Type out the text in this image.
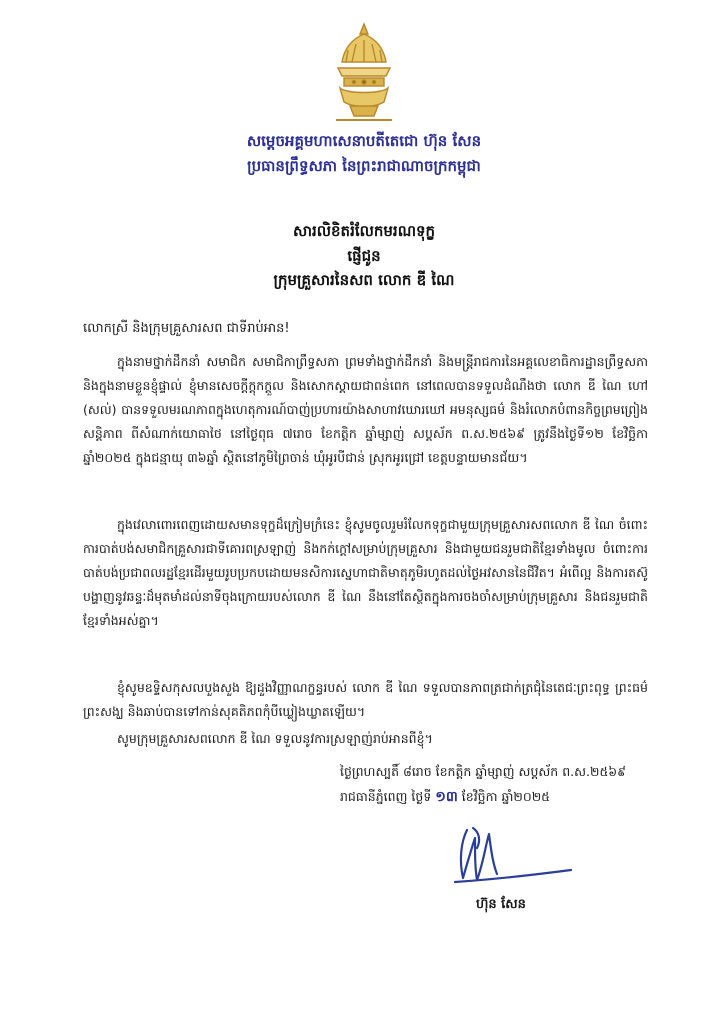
សម្តេចអគ្គមហាសេនាបតីតេជោ ហ៊ុន សែន
ប្រធានព្រឹទ្ធសភា នៃព្រះរាជាណាចក្រកម្ពុជា
សារលិខិតរំលែកមរណទុក្ខ
ផ្ញើជូន
ក្រុមគ្រួសារនៃសព លោក ឌី ណៃ
លោកស្រី និងក្រុមគ្រួសារសព ជាទីរាប់អាន!
ក្នុងនាមថ្នាក់ដឹកនាំ សមាជិក សមាជិកាព្រឹទ្ធសភា ព្រមទាំងថ្នាក់ដឹកនាំ និងមន្ត្រីរាជការនៃអគ្គលេខាធិការដ្ឋានព្រឹទ្ធសភា និងក្នុងនាមខ្លួនខ្ញុំផ្ទាល់ ខ្ញុំមានសេចក្តីក្តុកក្តួល និងសោកស្តាយជាពន់ពេក នៅពេលបានទទួលដំណឹងថា លោក ឌី ណៃ ហៅ (សល់) បានទទួលមរណភាពក្នុងហេតុការណ៍បាញ់ប្រហារយ៉ាងសាហាវឃោរឃៅ អមនុស្សធម៌ និងរំលោភបំពានកិច្ចព្រមព្រៀងសន្តិភាព ពីសំណាក់យោធាថៃ នៅថ្ងៃពុធ ៧រោច ខែកត្តិក ឆ្នាំម្សាញ់ សប្តស័ក ព.ស.២៥៦៩ ត្រូវនឹងថ្ងៃទី១២ ខែវិច្ឆិកា ឆ្នាំ២០២៥ ក្នុងជន្មាយុ ៣៦ឆ្នាំ ស្ថិតនៅភូមិព្រៃចាន់ ឃុំអូរបីជាន់ ស្រុកអូរជ្រៅ ខេត្តបន្ទាយមានជ័យ។
ក្នុងវេលាពោរពេញដោយសមានទុក្ខដ៏ក្រៀមក្រំនេះ ខ្ញុំសូមចូលរួមរំលែកទុក្ខជាមួយក្រុមគ្រួសារសពលោក ឌី ណៃ ចំពោះការបាត់បង់សមាជិកគ្រួសារជាទីគោរពស្រឡាញ់ និងកក់ក្តៅសម្រាប់ក្រុមគ្រួសារ និងជាមួយជនរួមជាតិខ្មែរទាំងមូល ចំពោះការបាត់បង់ប្រជាពលរដ្ឋខ្មែរដើរមួយរូបប្រកបដោយមនសិការស្នេហាជាតិមាតុភូមិរហូតដល់ថ្ងៃអវសាននៃជីវិត។ អំពើល្អ និងការតស៊ូបង្ហាញនូវឆន្ទៈដ៏មុតមាំដល់នាទីចុងក្រោយរបស់លោក ឌី ណៃ នឹងនៅតែស្ថិតក្នុងការចងចាំសម្រាប់ក្រុមគ្រួសារ និងជនរួមជាតិខ្មែរទាំងអស់គ្នា។
ខ្ញុំសូមឧទ្ទិសកុសលបួងសួង ឱ្យដួងវិញ្ញាណក្ខន្ធរបស់ លោក ឌី ណៃ ទទួលបានភាពត្រជាក់ត្រជុំនៃតេជៈព្រះពុទ្ធ ព្រះធម៌ ព្រះសង្ឃ និងឆាប់បានទៅកាន់សុគតិភពកុំបីឃ្លៀងឃ្លាតឡើយ។
សូមក្រុមគ្រួសារសពលោក ឌី ណៃ ទទួលនូវការស្រឡាញ់រាប់អានពីខ្ញុំ។
ថ្ងៃព្រហស្បតិ៍ ៨រោច ខែកត្តិក ឆ្នាំម្សាញ់ សប្តស័ក ព.ស.២៥៦៩
រាជធានីភ្នំពេញ ថ្ងៃទី ១៣ ខែវិច្ឆិកា ឆ្នាំ២០២៥
ហ៊ុន សែន
